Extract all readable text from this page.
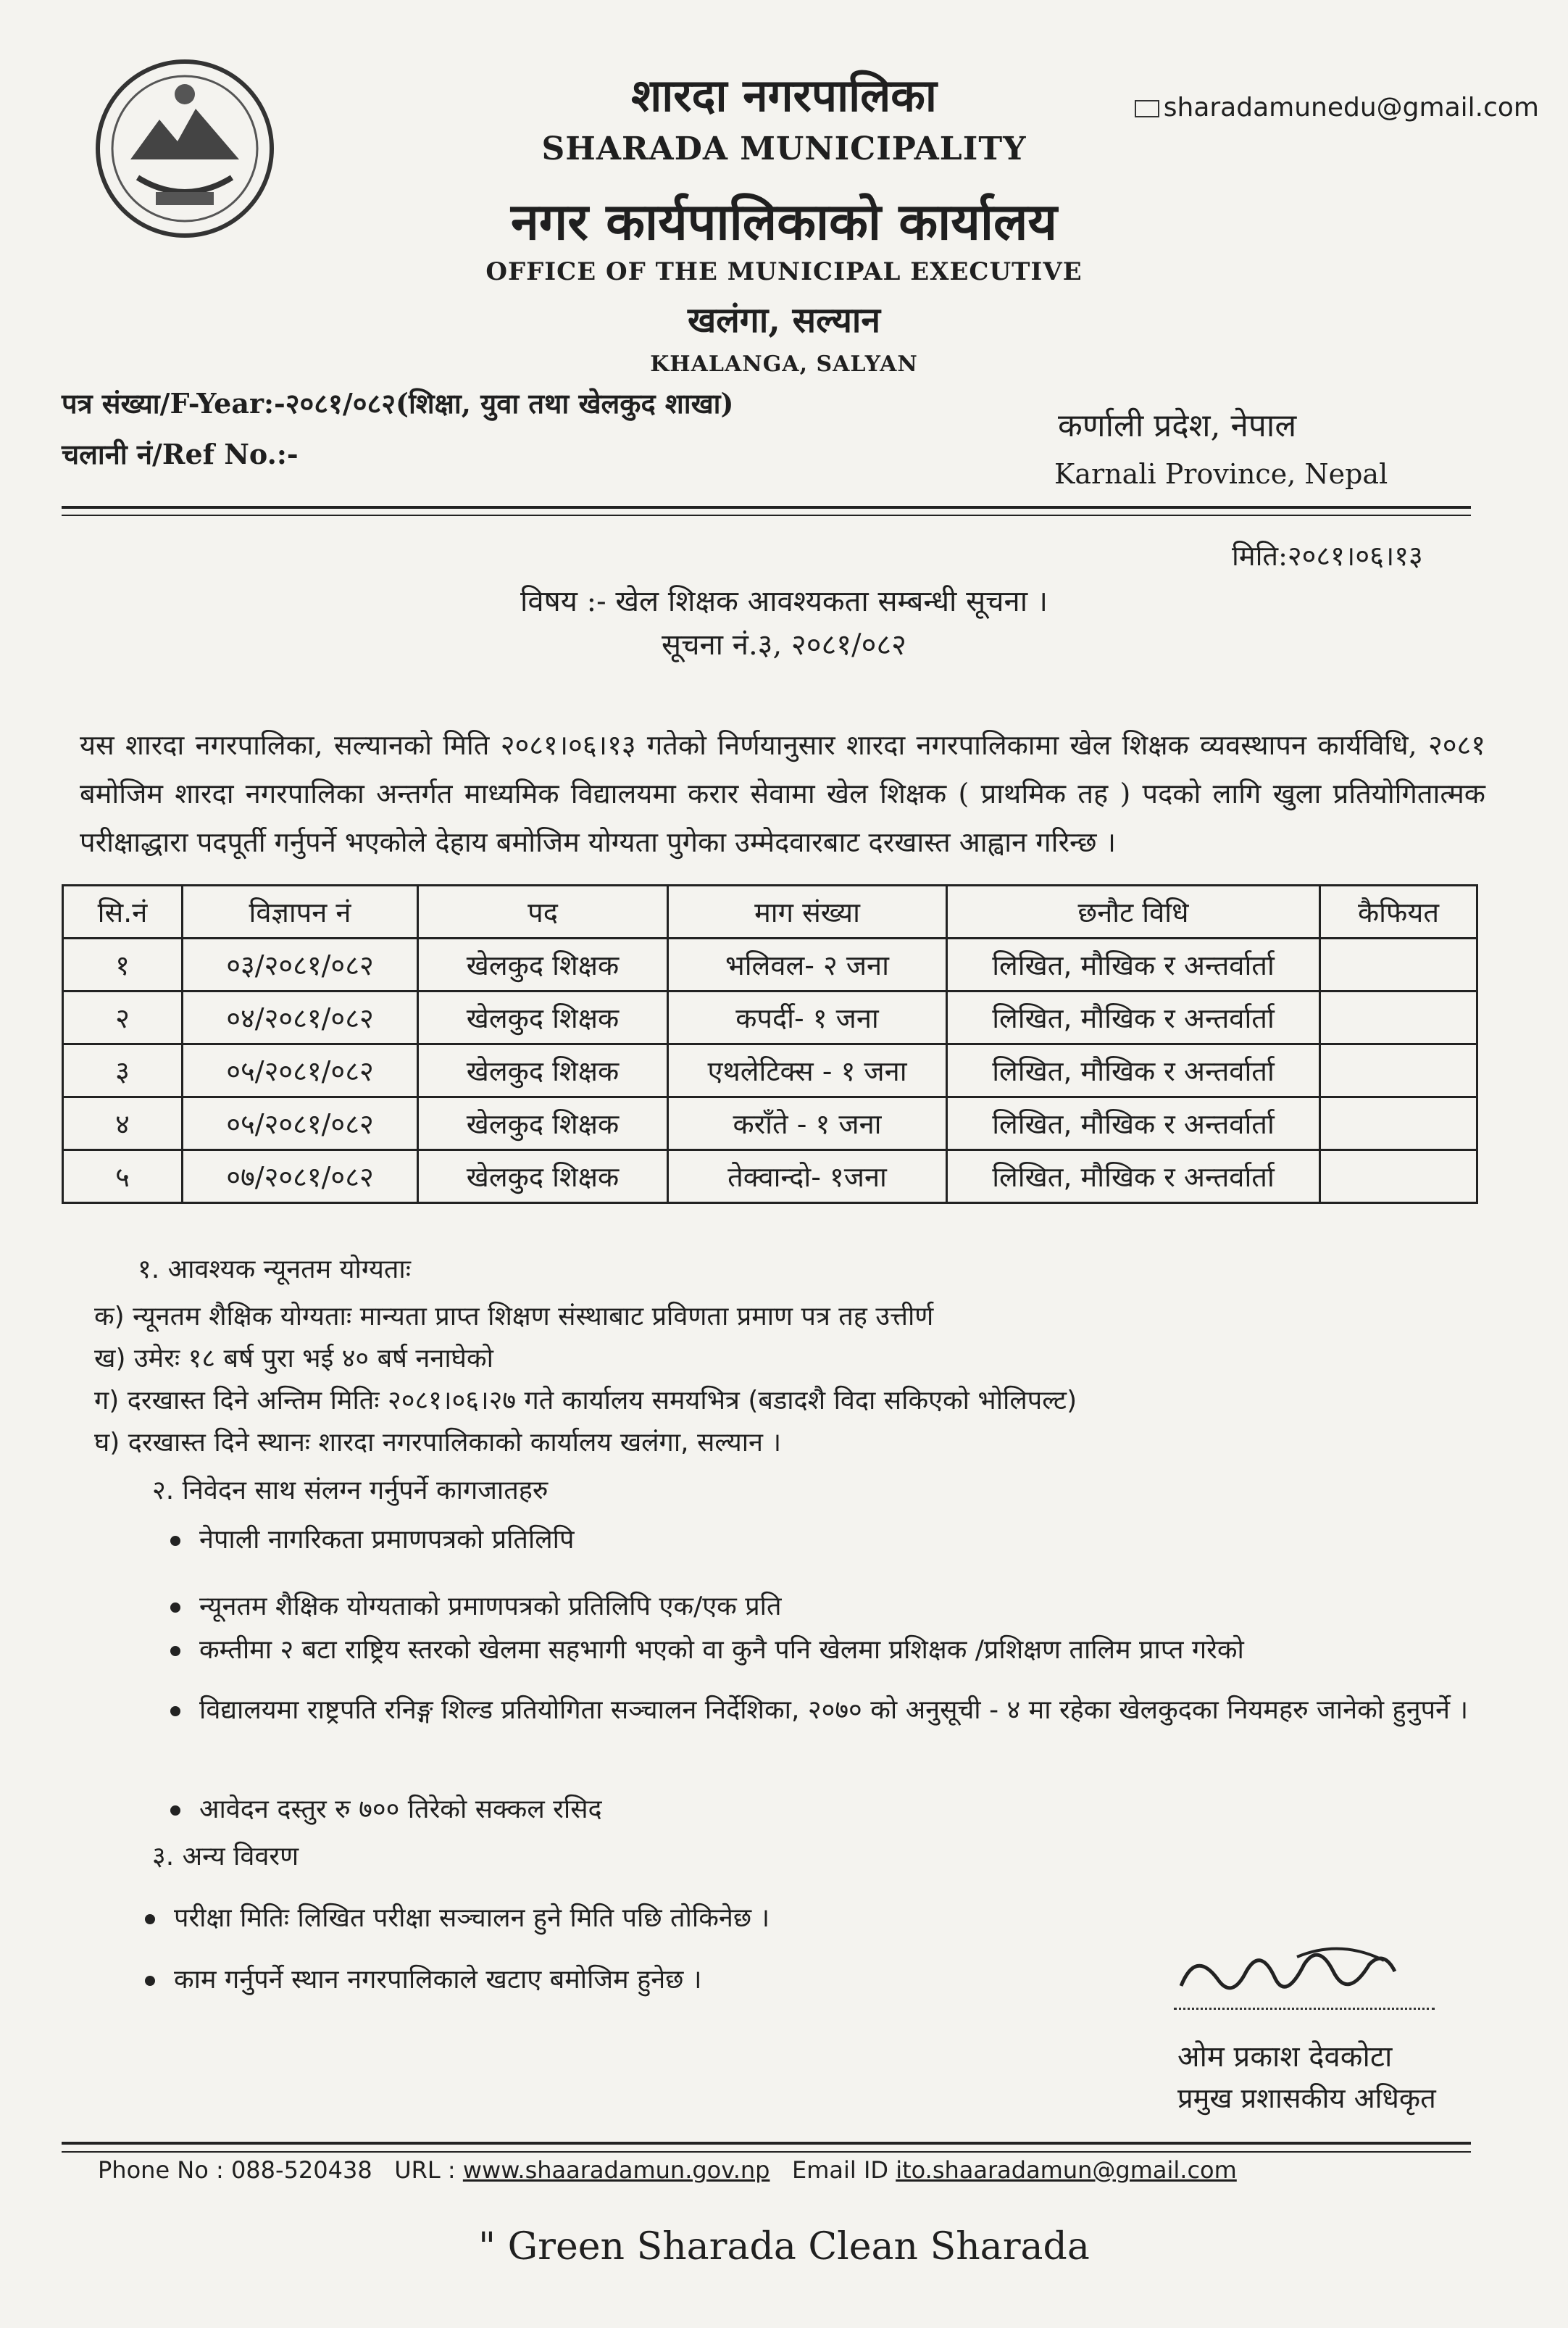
शारदा नगरपालिका
SHARADA MUNICIPALITY
नगर कार्यपालिकाको कार्यालय
OFFICE OF THE MUNICIPAL EXECUTIVE
खलंगा, सल्यान
KHALANGA, SALYAN
sharadamunedu@gmail.com
पत्र संख्या/F-Year:-२०८१/०८२(शिक्षा, युवा तथा खेलकुद शाखा)
चलानी नं/Ref No.:-
कर्णाली प्रदेश, नेपाल
Karnali Province, Nepal
मिति:२०८१।०६।१३
विषय :- खेल शिक्षक आवश्यकता सम्बन्धी सूचना ।
सूचना नं.३, २०८१/०८२
यस शारदा नगरपालिका, सल्यानको मिति २०८१।०६।१३ गतेको निर्णयानुसार शारदा नगरपालिकामा खेल शिक्षक व्यवस्थापन कार्यविधि, २०८१ बमोजिम शारदा नगरपालिका अन्तर्गत माध्यमिक विद्यालयमा करार सेवामा खेल शिक्षक ( प्राथमिक तह ) पदको लागि खुला प्रतियोगितात्मक परीक्षाद्धारा पदपूर्ती गर्नुपर्ने भएकोले देहाय बमोजिम योग्यता पुगेका उम्मेदवारबाट दरखास्त आह्वान गरिन्छ ।
सि.नं	विज्ञापन नं	पद	माग संख्या	छनौट विधि	कैफियत
१	०३/२०८१/०८२	खेलकुद शिक्षक	भलिवल- २ जना	लिखित, मौखिक र अन्तर्वार्ता	
२	०४/२०८१/०८२	खेलकुद शिक्षक	कपर्दी- १ जना	लिखित, मौखिक र अन्तर्वार्ता	
३	०५/२०८१/०८२	खेलकुद शिक्षक	एथलेटिक्स - १ जना	लिखित, मौखिक र अन्तर्वार्ता	
४	०५/२०८१/०८२	खेलकुद शिक्षक	कराँते - १ जना	लिखित, मौखिक र अन्तर्वार्ता	
५	०७/२०८१/०८२	खेलकुद शिक्षक	तेक्वान्दो- १जना	लिखित, मौखिक र अन्तर्वार्ता	
१. आवश्यक न्यूनतम योग्यताः
क) न्यूनतम शैक्षिक योग्यताः मान्यता प्राप्त शिक्षण संस्थाबाट प्रविणता प्रमाण पत्र तह उत्तीर्ण
ख) उमेरः १८ बर्ष पुरा भई ४० बर्ष ननाघेको
ग) दरखास्त दिने अन्तिम मितिः २०८१।०६।२७ गते कार्यालय समयभित्र (बडादशै विदा सकिएको भोलिपल्ट)
घ) दरखास्त दिने स्थानः शारदा नगरपालिकाको कार्यालय खलंगा, सल्यान ।
२. निवेदन साथ संलग्न गर्नुपर्ने कागजातहरु
नेपाली नागरिकता प्रमाणपत्रको प्रतिलिपि
न्यूनतम शैक्षिक योग्यताको प्रमाणपत्रको प्रतिलिपि एक/एक प्रति
कम्तीमा २ बटा राष्ट्रिय स्तरको खेलमा सहभागी भएको वा कुनै पनि खेलमा प्रशिक्षक /प्रशिक्षण तालिम प्राप्त गरेको
विद्यालयमा राष्ट्रपति रनिङ्ग शिल्ड प्रतियोगिता सञ्चालन निर्देशिका, २०७० को अनुसूची - ४ मा रहेका खेलकुदका नियमहरु जानेको हुनुपर्ने ।
आवेदन दस्तुर रु ७०० तिरेको सक्कल रसिद
३. अन्य विवरण
परीक्षा मितिः लिखित परीक्षा सञ्चालन हुने मिति पछि तोकिनेछ ।
काम गर्नुपर्ने स्थान नगरपालिकाले खटाए बमोजिम हुनेछ ।
ओम प्रकाश देवकोटा
प्रमुख प्रशासकीय अधिकृत
Phone No : 088-520438 URL : www.shaaradamun.gov.np Email ID ito.shaaradamun@gmail.com
" Green Sharada Clean Sharada
